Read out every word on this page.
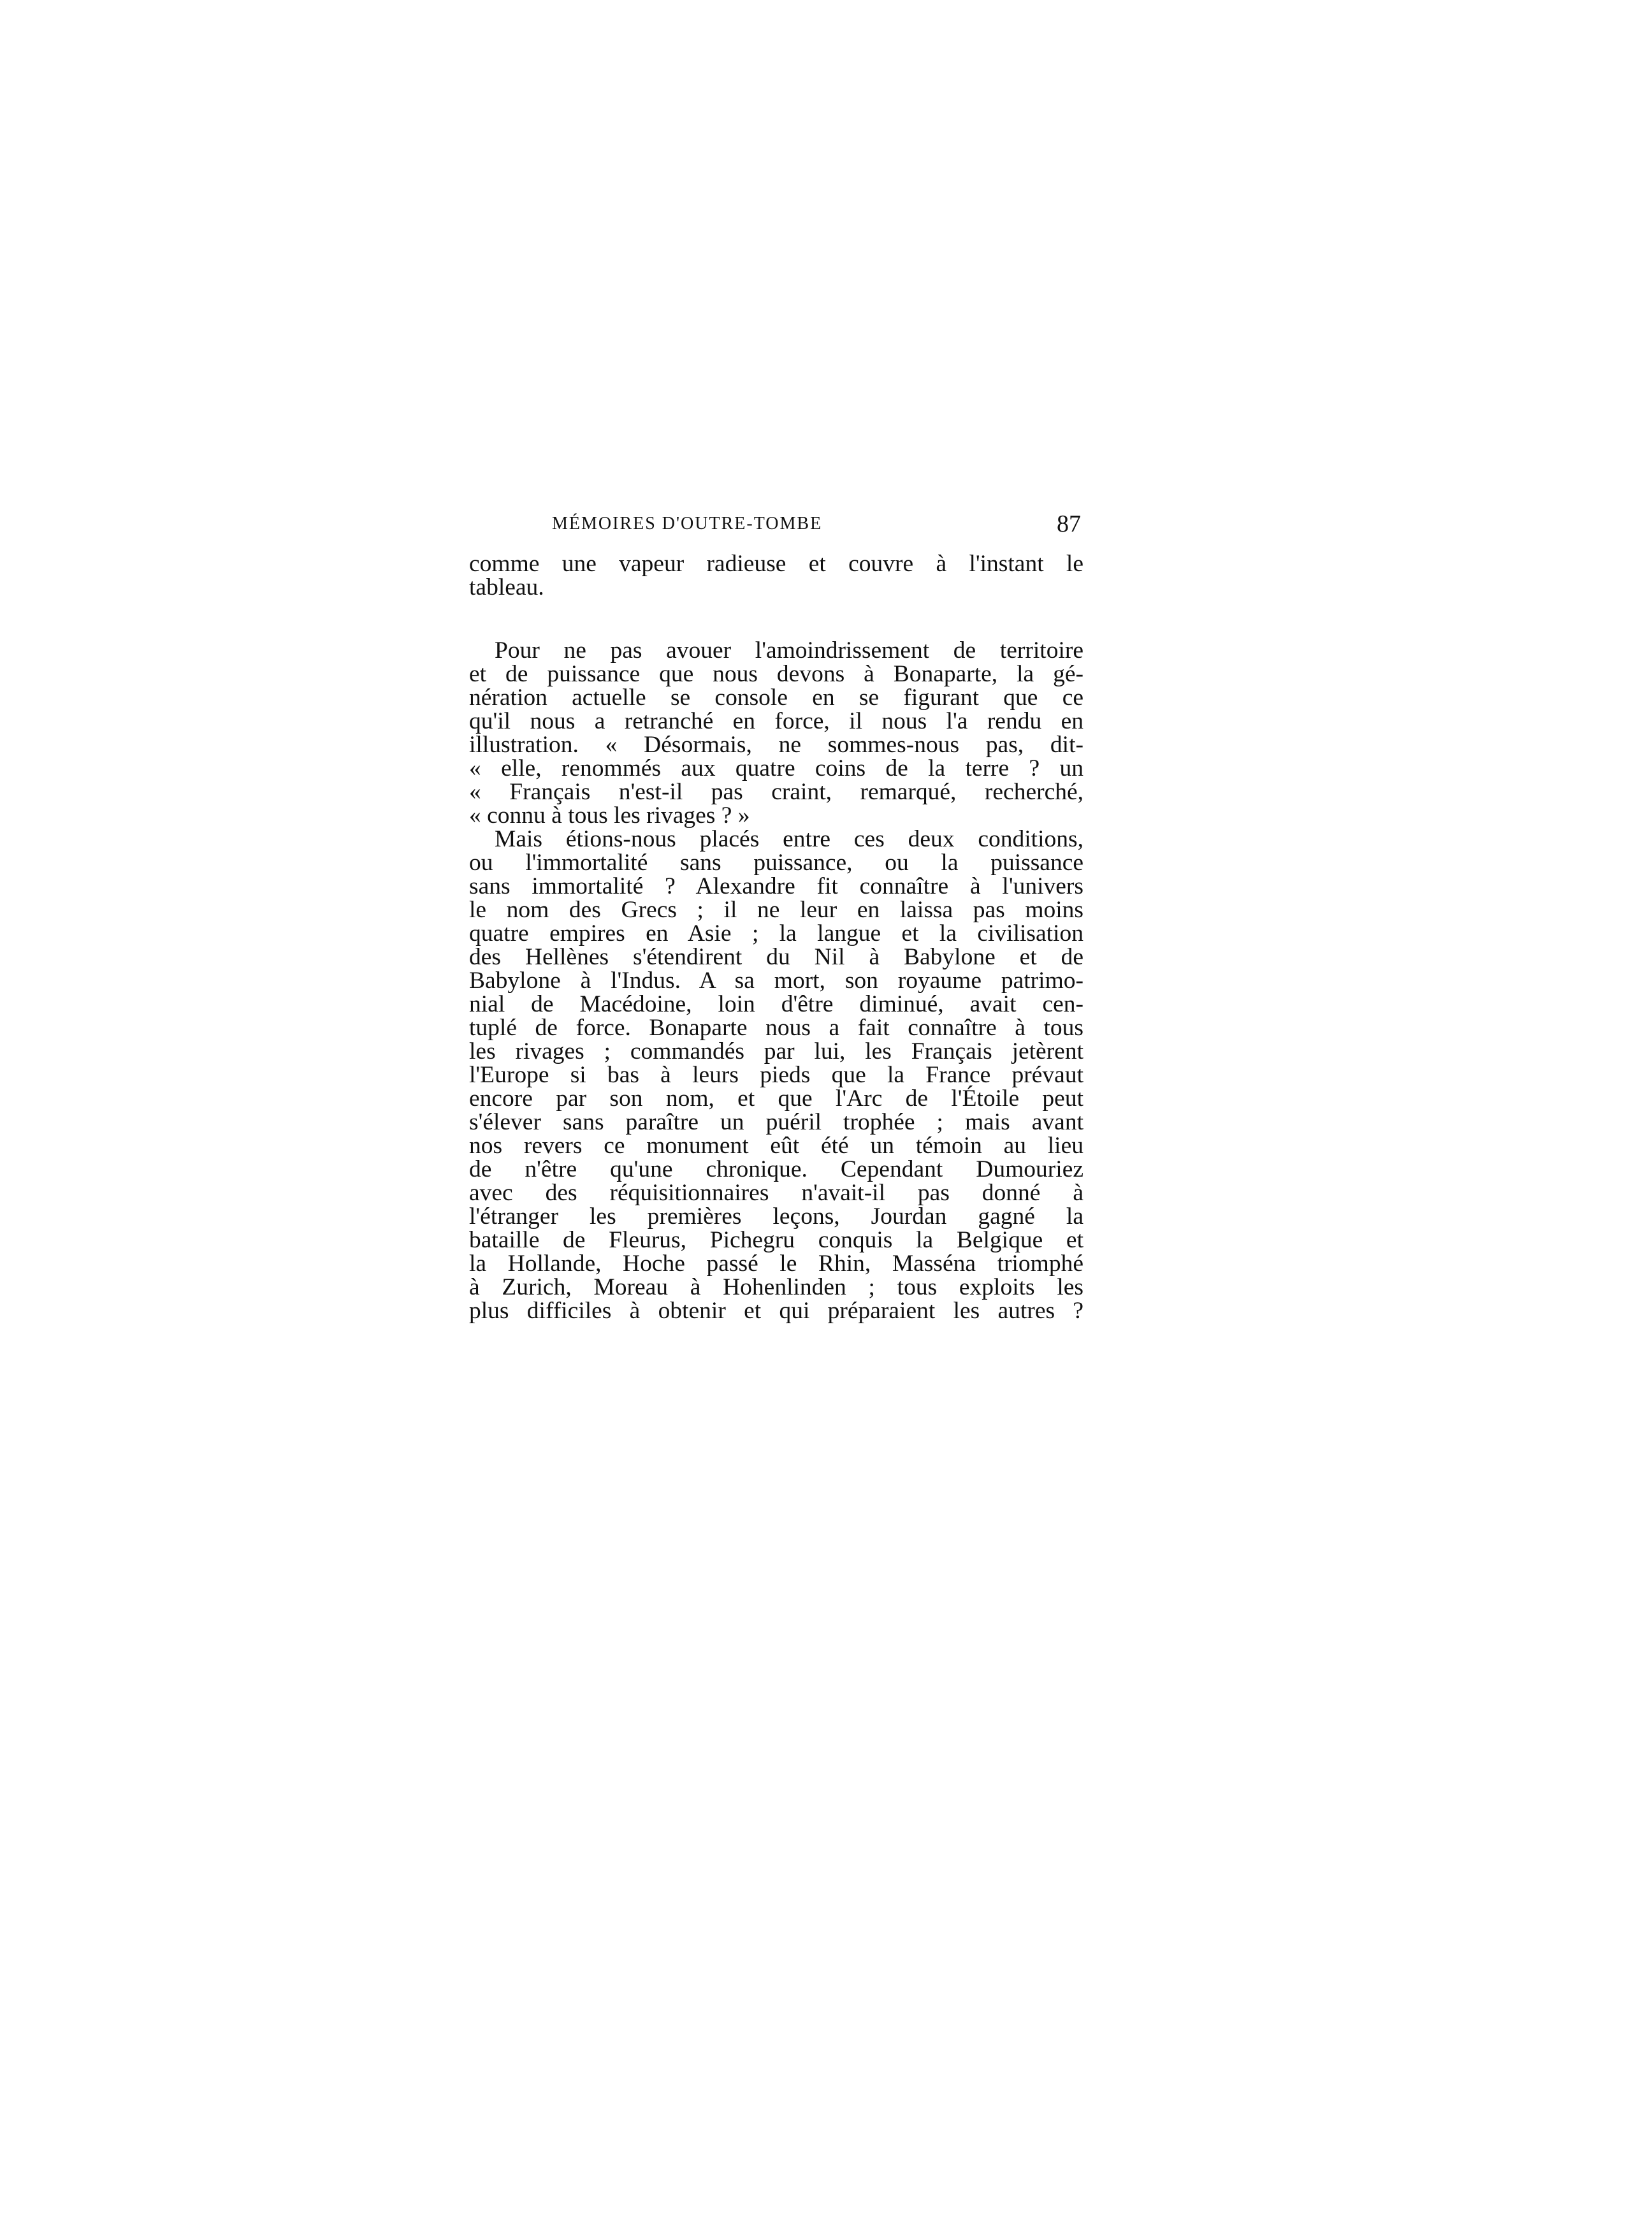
MÉMOIRES D'OUTRE-TOMBE	87
comme une vapeur radieuse et couvre à l'instant le
tableau.
Pour ne pas avouer l'amoindrissement de territoire
et de puissance que nous devons à Bonaparte, la gé-
nération actuelle se console en se figurant que ce
qu'il nous a retranché en force, il nous l'a rendu en
illustration. « Désormais, ne sommes-nous pas, dit-
« elle, renommés aux quatre coins de la terre ? un
« Français n'est-il pas craint, remarqué, recherché,
« connu à tous les rivages ? »
Mais étions-nous placés entre ces deux conditions,
ou l'immortalité sans puissance, ou la puissance
sans immortalité ? Alexandre fit connaître à l'univers
le nom des Grecs ; il ne leur en laissa pas moins
quatre empires en Asie ; la langue et la civilisation
des Hellènes s'étendirent du Nil à Babylone et de
Babylone à l'Indus. A sa mort, son royaume patrimo-
nial de Macédoine, loin d'être diminué, avait cen-
tuplé de force. Bonaparte nous a fait connaître à tous
les rivages ; commandés par lui, les Français jetèrent
l'Europe si bas à leurs pieds que la France prévaut
encore par son nom, et que l'Arc de l'Étoile peut
s'élever sans paraître un puéril trophée ; mais avant
nos revers ce monument eût été un témoin au lieu
de n'être qu'une chronique. Cependant Dumouriez
avec des réquisitionnaires n'avait-il pas donné à
l'étranger les premières leçons, Jourdan gagné la
bataille de Fleurus, Pichegru conquis la Belgique et
la Hollande, Hoche passé le Rhin, Masséna triomphé
à Zurich, Moreau à Hohenlinden ; tous exploits les
plus difficiles à obtenir et qui préparaient les autres ?
